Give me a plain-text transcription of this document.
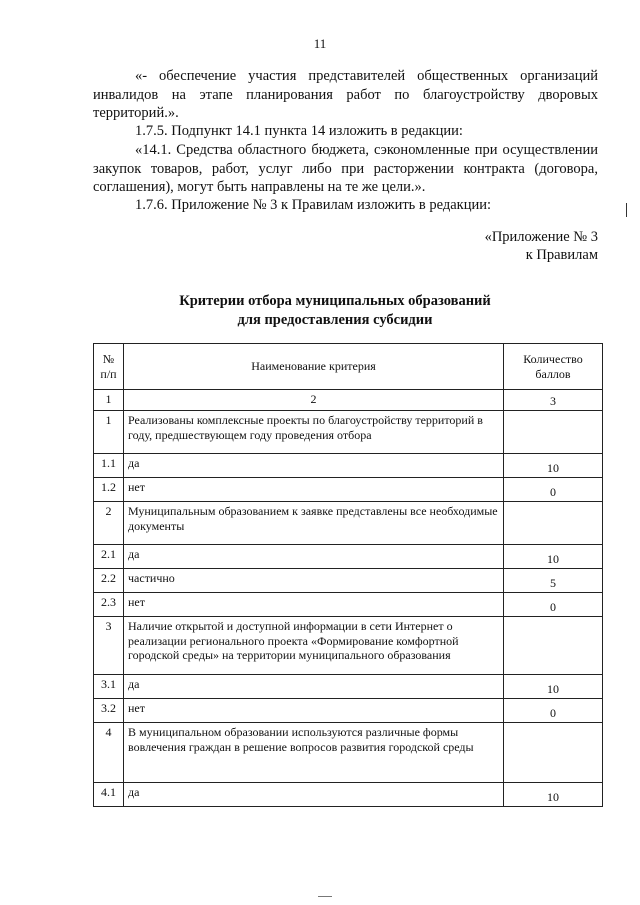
11

«- обеспечение участия представителей общественных организаций инвалидов на этапе планирования работ по благоустройству дворовых территорий.».

1.7.5. Подпункт 14.1 пункта 14 изложить в редакции:

«14.1. Средства областного бюджета, сэкономленные при осуществлении закупок товаров, работ, услуг либо при расторжении контракта (договора, соглашения), могут быть направлены на те же цели.».

1.7.6. Приложение № 3 к Правилам изложить в редакции:

«Приложение № 3
к Правилам
Критерии отбора муниципальных образований
для предоставления субсидии
№ п/п	Наименование критерия	Количество баллов
1	2	3
1	Реализованы комплексные проекты по благоустройству территорий в году, предшествующем году проведения отбора	
1.1	да	10
1.2	нет	0
2	Муниципальным образованием к заявке представлены все необходимые документы	
2.1	да	10
2.2	частично	5
2.3	нет	0
3	Наличие открытой и доступной информации в сети Интернет о реализации регионального проекта «Формирование комфортной городской среды» на территории муниципального образования	
3.1	да	10
3.2	нет	0
4	В муниципальном образовании используются различные формы вовлечения граждан в решение вопросов развития городской среды	
4.1	да	10
